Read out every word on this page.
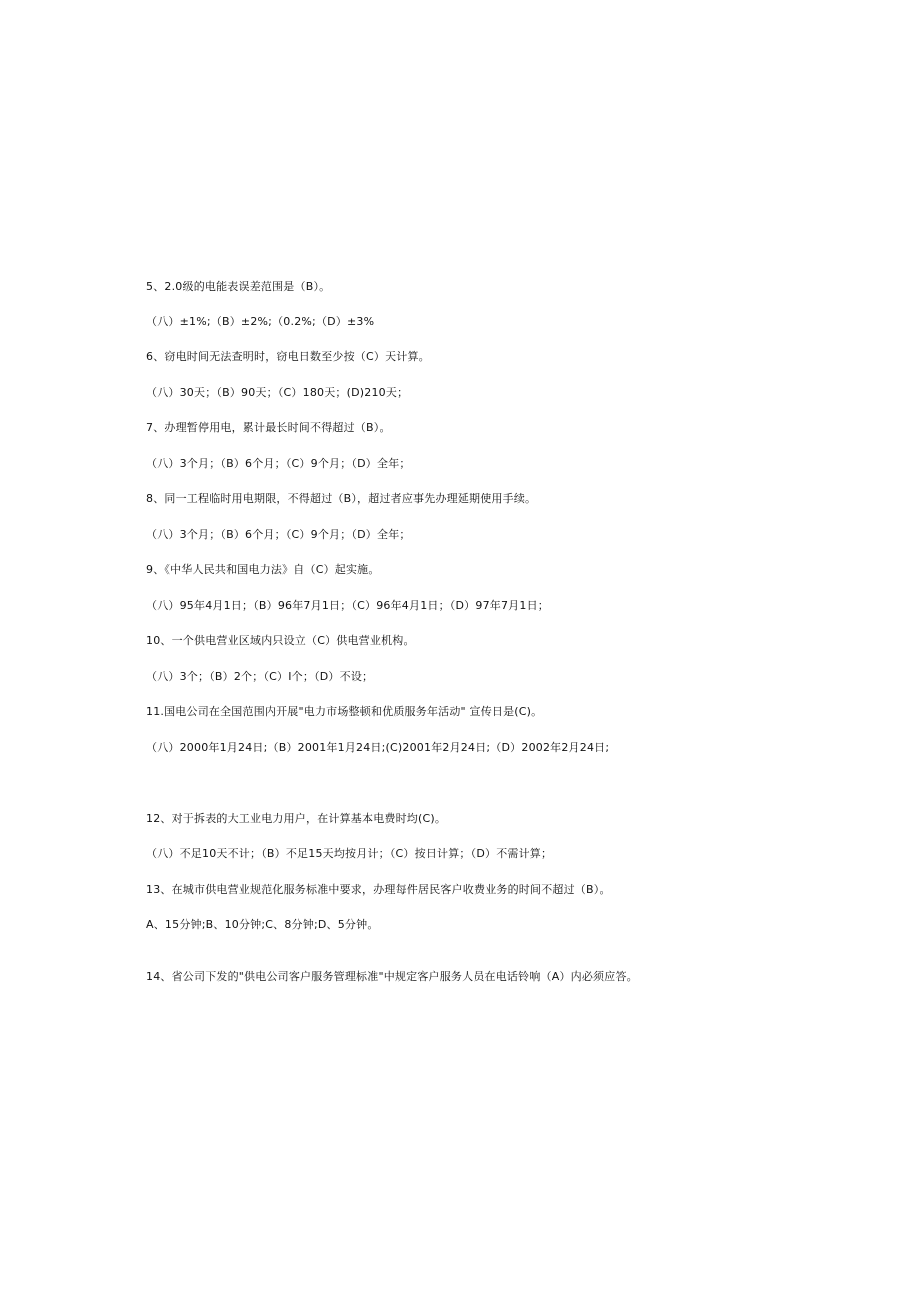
5、2.0级的电能表误差范围是（B）。
（八）±1%;（B）±2%;（0.2%;（D）±3%
6、窃电时间无法查明时，窃电日数至少按（C）天计算。
（八）30天；（B）90天；（C）180天；(D)210天；
7、办理暂停用电，累计最长时间不得超过（B）。
（八）3个月；（B）6个月；（C）9个月；（D）全年；
8、同一工程临时用电期限，不得超过（B），超过者应事先办理延期使用手续。
（八）3个月；（B）6个月；（C）9个月；（D）全年；
9、《中华人民共和国电力法》自（C）起实施。
（八）95年4月1日；（B）96年7月1日；（C）96年4月1日；（D）97年7月1日；
10、一个供电营业区域内只设立（C）供电营业机构。
（八）3个；（B）2个；（C）I个；（D）不设；
11.国电公司在全国范围内开展"电力市场整顿和优质服务年活动" 宣传日是(C)。
（八）2000年1月24日;（B）2001年1月24日;(C)2001年2月24日;（D）2002年2月24日;
12、对于拆表的大工业电力用户，在计算基本电费时均(C)。
（八）不足10天不计；（B）不足15天均按月计；（C）按日计算；（D）不需计算；
13、在城市供电营业规范化服务标准中要求，办理每件居民客户收费业务的时间不超过（B）。
A、15分钟;B、10分钟;C、8分钟;D、5分钟。
14、省公司下发的"供电公司客户服务管理标准"中规定客户服务人员在电话铃响（A）内必须应答。
